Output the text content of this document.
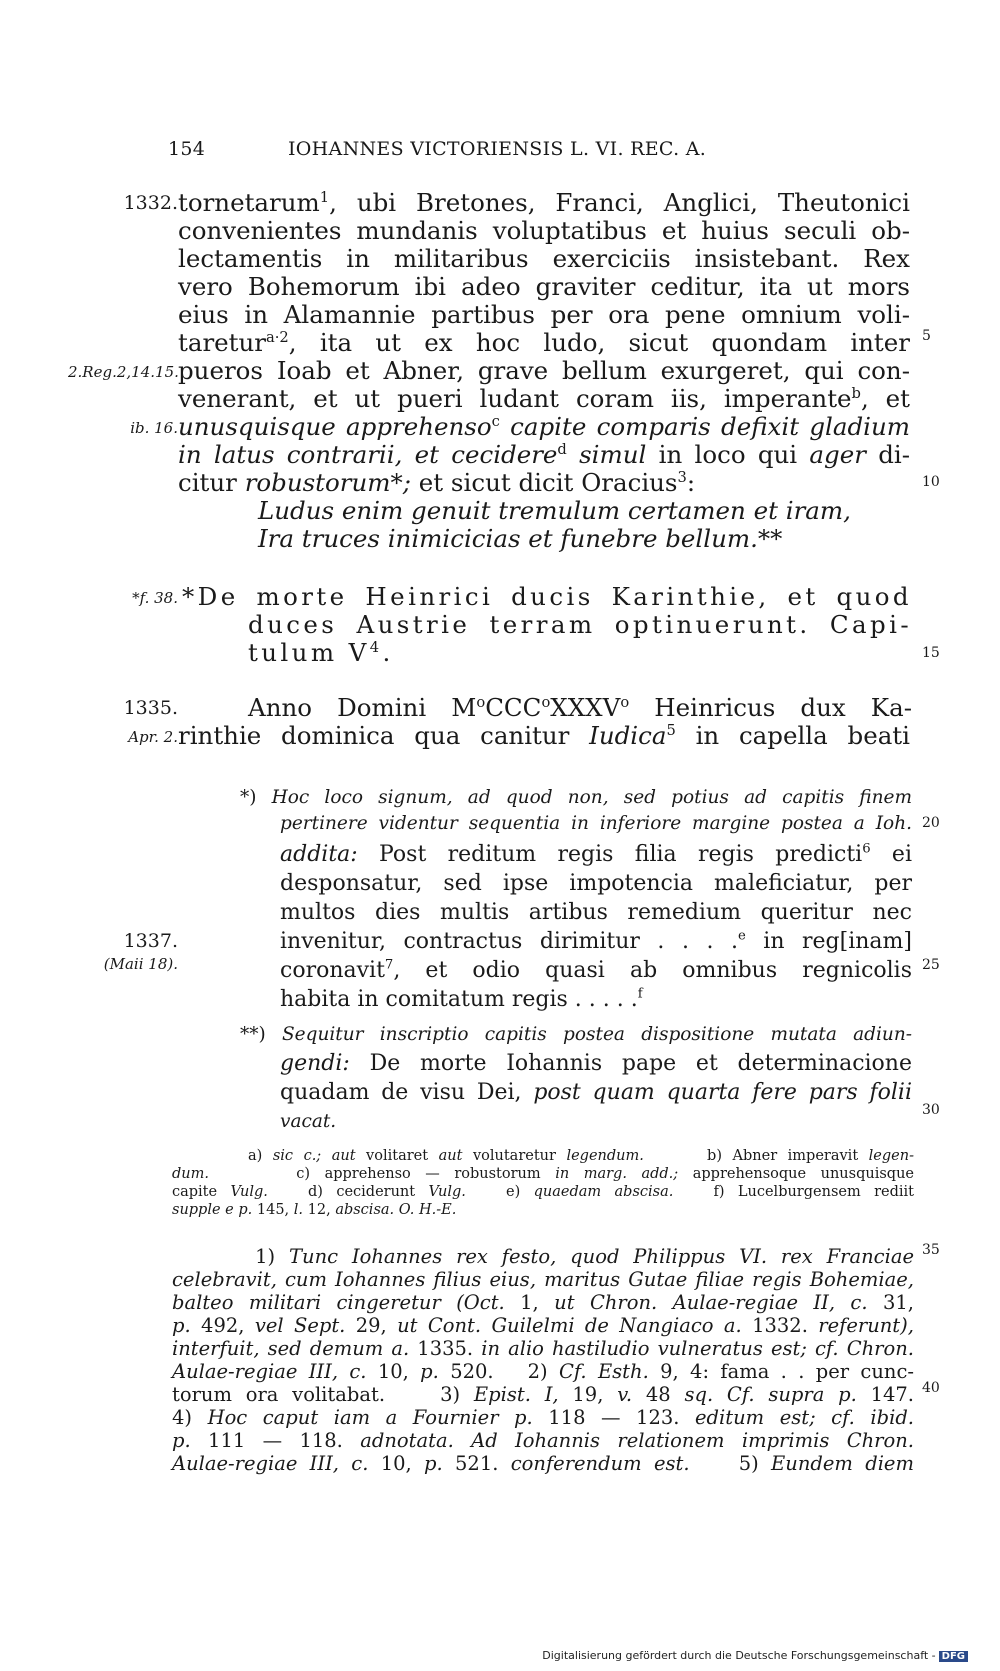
154	IOHANNES VICTORIENSIS L. VI. REC. A.
tornetarum$^1$, ubi Bretones, Franci, Anglici, Theutonici
convenientes mundanis voluptatibus et huius seculi ob-
lectamentis in militaribus exerciciis insistebant. Rex
vero Bohemorum ibi adeo graviter ceditur, ita ut mors
eius in Alamannie partibus per ora pene omnium voli-
taretur$^{a\cdot 2}$, ita ut ex hoc ludo, sicut quondam inter
pueros Ioab et Abner, grave bellum exurgeret, qui con-
venerant, et ut pueri ludant coram iis, imperante$^b$, et
unusquisque apprehenso$^c$ capite comparis defixit gladium
in latus contrarii, et cecidere$^d$ simul in loco qui ager di-
citur robustorum*; et sicut dicit Oracius$^3$:
Ludus enim genuit tremulum certamen et iram,
Ira truces inimicicias et funebre bellum.**
*De morte Heinrici ducis Karinthie, et quod
duces Austrie terram optinuerunt. Capi-
tulum $V^4$.
Anno Domini $M^oCCC^oXXXV^o$ Heinricus dux Ka-
rinthie dominica qua canitur Iudica$^5$ in capella beati
1332.
2.Reg.2,14.15.
ib. 16.
*f. 38.
1335.
Apr. 2.
1337.
(Maii 18).
5
10
15
20
25
30
35
40
*) Hoc loco signum, ad quod non, sed potius ad capitis finem
pertinere videntur sequentia in inferiore margine postea a Ioh.
addita: Post reditum regis filia regis predicti$^6$ ei
desponsatur, sed ipse impotencia maleficiatur, per
multos dies multis artibus remedium queritur nec
invenitur, contractus dirimitur . . . .$^e$ in reg[inam]
coronavit$^7$, et odio quasi ab omnibus regnicolis
habita in comitatum regis . . . . .$^f$
**) Sequitur inscriptio capitis postea dispositione mutata adiun-
gendi: De morte Iohannis pape et determinacione
quadam de visu Dei, post quam quarta fere pars folii
vacat.
a) sic c.; aut volitaret aut volutaretur legendum.      b) Abner imperavit legen-
dum.      c) apprehenso — robustorum in marg. add.; apprehensoque unusquisque
capite Vulg.   d) ceciderunt Vulg.   e) quaedam abscisa.   f) Lucelburgensem rediit
supple e p. 145, l. 12, abscisa. O. H.-E.
1) Tunc Iohannes rex festo, quod Philippus VI. rex Franciae
celebravit, cum Iohannes filius eius, maritus Gutae filiae regis Bohemiae,
balteo militari cingeretur (Oct. 1, ut Chron. Aulae-regiae II, c. 31,
p. 492, vel Sept. 29, ut Cont. Guilelmi de Nangiaco a. 1332. referunt),
interfuit, sed demum a. 1335. in alio hastiludio vulneratus est; cf. Chron.
Aulae-regiae III, c. 10, p. 520.   2) Cf. Esth. 9, 4: fama . . per cunc-
torum ora volitabat.    3) Epist. I, 19, v. 48 sq. Cf. supra p. 147.
4) Hoc caput iam a Fournier p. 118 — 123. editum est; cf. ibid.
p. 111 — 118. adnotata. Ad Iohannis relationem imprimis Chron.
Aulae-regiae III, c. 10, p. 521. conferendum est.    5) Eundem diem
Digitalisierung gefördert durch die Deutsche Forschungsgemeinschaft - DFG
